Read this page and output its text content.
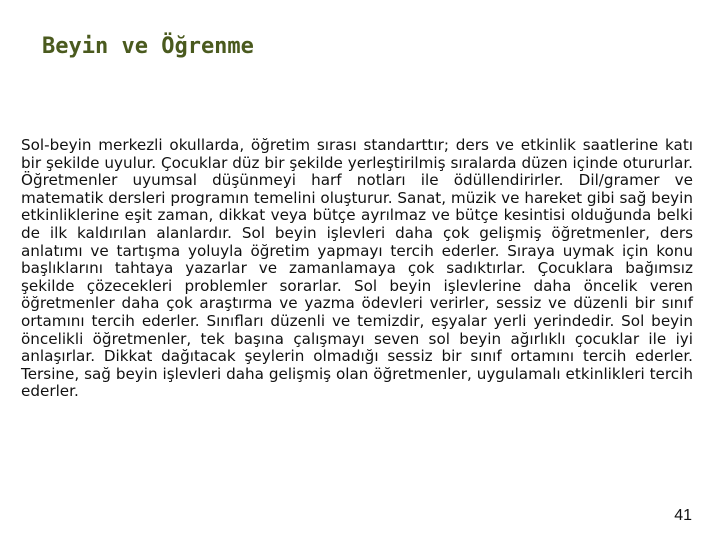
Beyin ve Öğrenme

Sol-beyin merkezli okullarda, öğretim sırası standarttır; ders ve etkinlik saatlerine katı bir şekilde uyulur. Çocuklar düz bir şekilde yerleştirilmiş sıralarda düzen içinde otururlar. Öğretmenler uyumsal düşünmeyi harf notları ile ödüllendirirler. Dil/gramer ve matematik dersleri programın temelini oluşturur. Sanat, müzik ve hareket gibi sağ beyin etkinliklerine eşit zaman, dikkat veya bütçe ayrılmaz ve bütçe kesintisi olduğunda belki de ilk kaldırılan alanlardır. Sol beyin işlevleri daha çok gelişmiş öğretmenler, ders anlatımı ve tartışma yoluyla öğretim yapmayı tercih ederler. Sıraya uymak için konu başlıklarını tahtaya yazarlar ve zamanlamaya çok sadıktırlar. Çocuklara bağımsız şekilde çözecekleri problemler sorarlar. Sol beyin işlevlerine daha öncelik veren öğretmenler daha çok araştırma ve yazma ödevleri verirler, sessiz ve düzenli bir sınıf ortamını tercih ederler. Sınıfları düzenli ve temizdir, eşyalar yerli yerindedir. Sol beyin öncelikli öğretmenler, tek başına çalışmayı seven sol beyin ağırlıklı çocuklar ile iyi anlaşırlar. Dikkat dağıtacak şeylerin olmadığı sessiz bir sınıf ortamını tercih ederler. Tersine, sağ beyin işlevleri daha gelişmiş olan öğretmenler, uygulamalı etkinlikleri tercih ederler.

41
